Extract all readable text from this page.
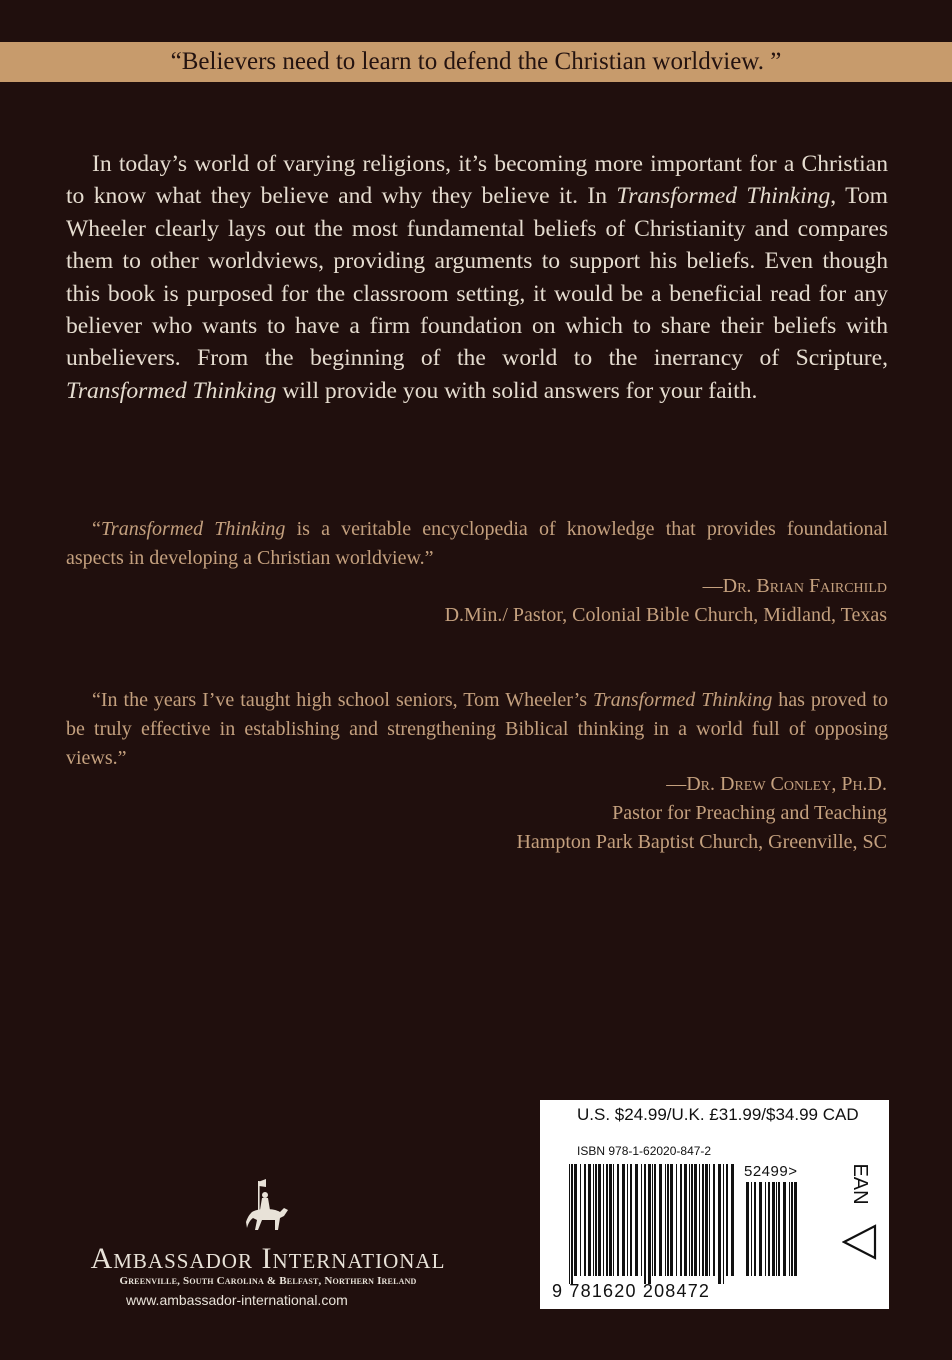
“Believers need to learn to defend the Christian worldview. ”

In today’s world of varying religions, it’s becoming more important for a Christian to know what they believe and why they believe it. In Transformed Thinking, Tom Wheeler clearly lays out the most fundamental beliefs of Christianity and compares them to other worldviews, providing arguments to support his beliefs. Even though this book is purposed for the classroom setting, it would be a beneficial read for any believer who wants to have a firm foundation on which to share their beliefs with unbelievers. From the beginning of the world to the inerrancy of Scripture, Transformed Thinking will provide you with solid answers for your faith.

“Transformed Thinking is a veritable encyclopedia of knowledge that provides foundational aspects in developing a Christian worldview.”

—Dr. Brian Fairchild
D.Min./ Pastor, Colonial Bible Church, Midland, Texas

“In the years I’ve taught high school seniors, Tom Wheeler’s Transformed Thinking has proved to be truly effective in establishing and strengthening Biblical thinking in a world full of opposing views.”

—Dr. Drew Conley, Ph.D.
Pastor for Preaching and Teaching
Hampton Park Baptist Church, Greenville, SC
Ambassador International
Greenville, South Carolina & Belfast, Northern Ireland
www.ambassador-international.com
U.S. $24.99/U.K. £31.99/$34.99 CAD
ISBN 978-1-62020-847-2
52499>	EAN
9 781620 208472
